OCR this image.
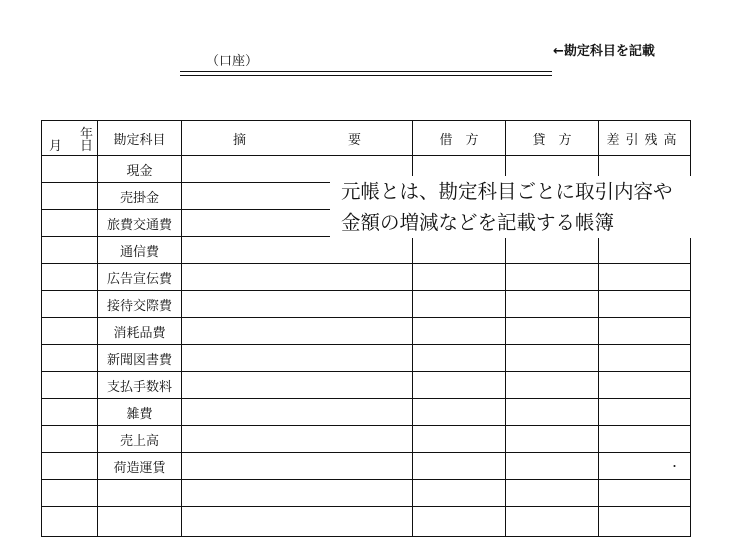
（口座）
←勘定科目を記載
年
月 日	勘定科目	摘 要	借　方	貸　方	差引残高
	現金				
	売掛金				
	旅費交通費				
	通信費				
	広告宣伝費				
	接待交際費				
	消耗品費				
	新聞図書費				
	支払手数料				
	雑費				
	売上高				
	荷造運賃				・

元帳とは、勘定科目ごとに取引内容や
金額の増減などを記載する帳簿
